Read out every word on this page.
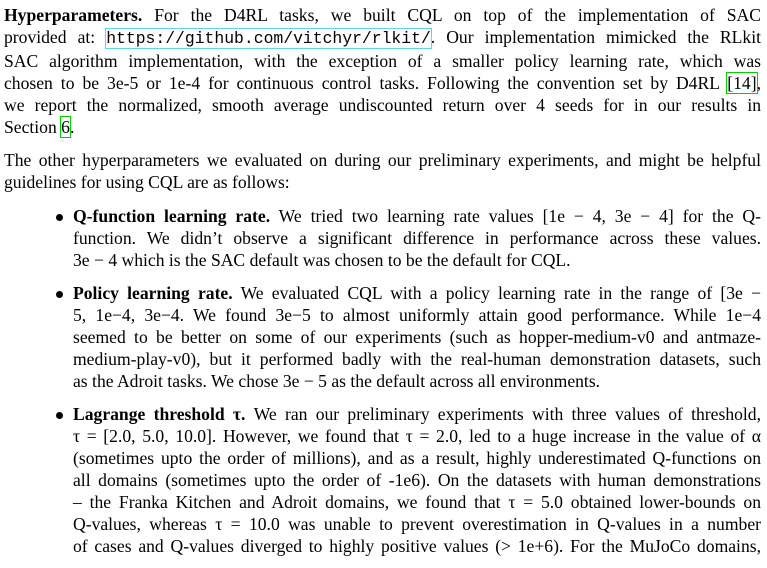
Hyperparameters. For the D4RL tasks, we built CQL on top of the implementation of SAC
provided at: https://github.com/vitchyr/rlkit/. Our implementation mimicked the RLkit
SAC algorithm implementation, with the exception of a smaller policy learning rate, which was
chosen to be 3e-5 or 1e-4 for continuous control tasks. Following the convention set by D4RL [14],
we report the normalized, smooth average undiscounted return over 4 seeds for in our results in
Section 6.
The other hyperparameters we evaluated on during our preliminary experiments, and might be helpful
guidelines for using CQL are as follows:
Q-function learning rate. We tried two learning rate values [1e − 4, 3e − 4] for the Q-
function. We didn’t observe a significant difference in performance across these values.
3e − 4 which is the SAC default was chosen to be the default for CQL.
Policy learning rate. We evaluated CQL with a policy learning rate in the range of [3e −
5, 1e−4, 3e−4. We found 3e−5 to almost uniformly attain good performance. While 1e−4
seemed to be better on some of our experiments (such as hopper-medium-v0 and antmaze-
medium-play-v0), but it performed badly with the real-human demonstration datasets, such
as the Adroit tasks. We chose 3e − 5 as the default across all environments.
Lagrange threshold τ. We ran our preliminary experiments with three values of threshold,
τ = [2.0, 5.0, 10.0]. However, we found that τ = 2.0, led to a huge increase in the value of α
(sometimes upto the order of millions), and as a result, highly underestimated Q-functions on
all domains (sometimes upto the order of -1e6). On the datasets with human demonstrations
– the Franka Kitchen and Adroit domains, we found that τ = 5.0 obtained lower-bounds on
Q-values, whereas τ = 10.0 was unable to prevent overestimation in Q-values in a number
of cases and Q-values diverged to highly positive values (> 1e+6). For the MuJoCo domains,
